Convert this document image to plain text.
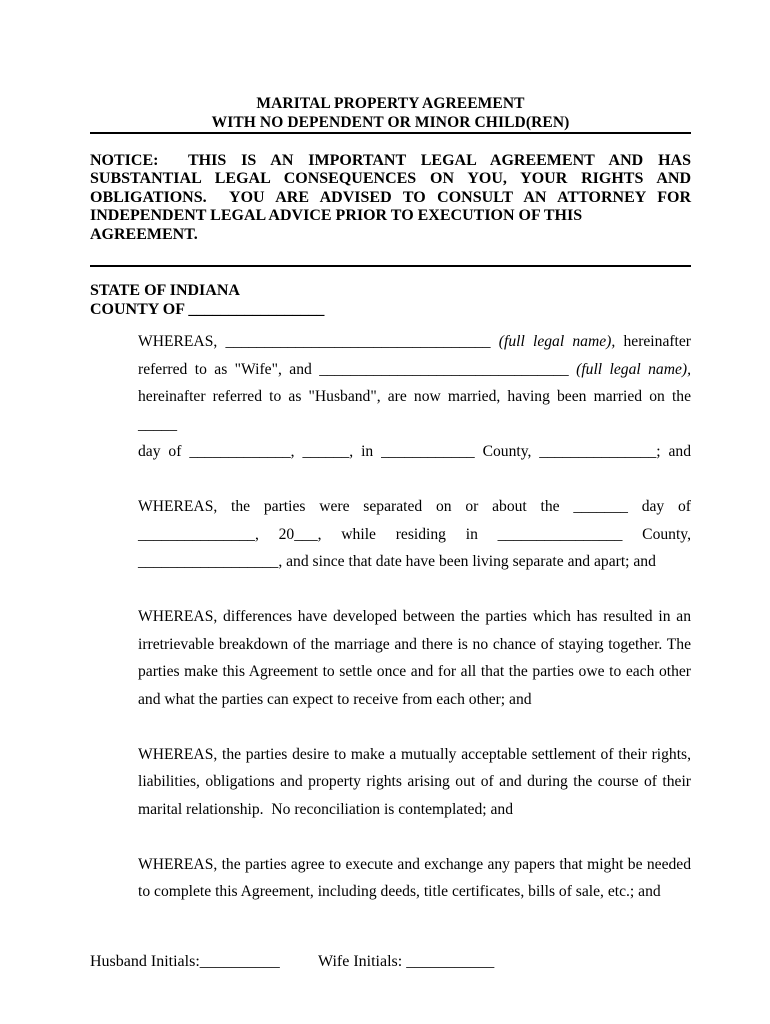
MARITAL PROPERTY AGREEMENT
WITH NO DEPENDENT OR MINOR CHILD(REN)
NOTICE:  THIS IS AN IMPORTANT LEGAL AGREEMENT AND HAS
SUBSTANTIAL LEGAL CONSEQUENCES ON YOU, YOUR RIGHTS AND
OBLIGATIONS.  YOU ARE ADVISED TO CONSULT AN ATTORNEY FOR
INDEPENDENT LEGAL ADVICE PRIOR TO EXECUTION OF THIS AGREEMENT.
STATE OF INDIANA
COUNTY OF _________________
WHEREAS, __________________________________ (full legal name), hereinafter
referred to as "Wife", and ________________________________ (full legal name),
hereinafter referred to as "Husband", are now married, having been married on the _____
day of _____________, ______, in ____________ County, _______________; and
WHEREAS, the parties were separated on or about the _______ day of
_______________, 20___, while residing in ________________ County,
__________________, and since that date have been living separate and apart; and
WHEREAS, differences have developed between the parties which has resulted in an
irretrievable breakdown of the marriage and there is no chance of staying together. The
parties make this Agreement to settle once and for all that the parties owe to each other
and what the parties can expect to receive from each other; and
WHEREAS, the parties desire to make a mutually acceptable settlement of their rights,
liabilities, obligations and property rights arising out of and during the course of their
marital relationship.  No reconciliation is contemplated; and
WHEREAS, the parties agree to execute and exchange any papers that might be needed
to complete this Agreement, including deeds, title certificates, bills of sale, etc.; and
Husband Initials:__________ Wife Initials: ___________
